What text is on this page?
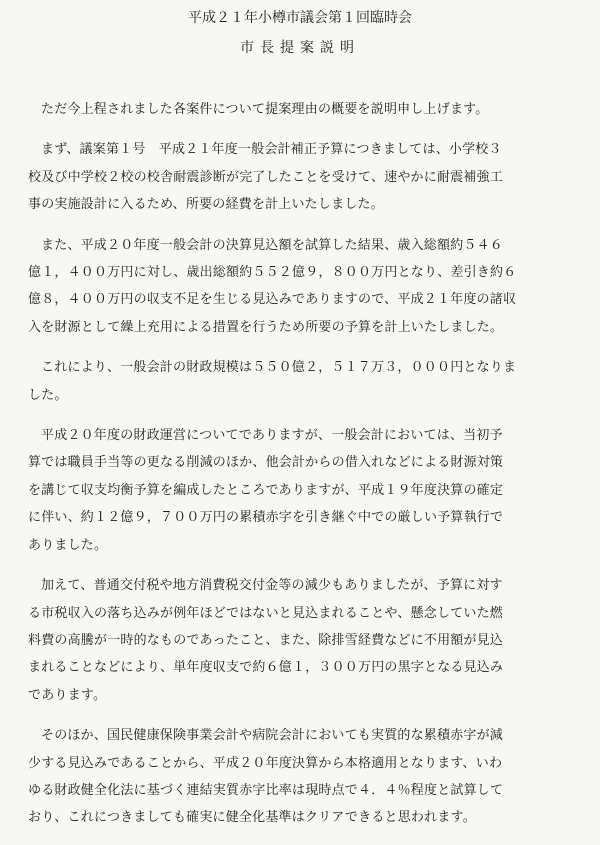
平成２１年小樽市議会第１回臨時会
市長提案説明

ただ今上程されました各案件について提案理由の概要を説明申し上げます。

まず、議案第１号　平成２１年度一般会計補正予算につきましては、小学校３
校及び中学校２校の校舎耐震診断が完了したことを受けて、速やかに耐震補強工
事の実施設計に入るため、所要の経費を計上いたしました。

また、平成２０年度一般会計の決算見込額を試算した結果、歳入総額約５４６
億１，４００万円に対し、歳出総額約５５２億９，８００万円となり、差引き約６
億８，４００万円の収支不足を生じる見込みでありますので、平成２１年度の諸収
入を財源として繰上充用による措置を行うため所要の予算を計上いたしました。

これにより、一般会計の財政規模は５５０億２，５１７万３，０００円となりま
した。

平成２０年度の財政運営についてでありますが、一般会計においては、当初予
算では職員手当等の更なる削減のほか、他会計からの借入れなどによる財源対策
を講じて収支均衡予算を編成したところでありますが、平成１９年度決算の確定
に伴い、約１２億９，７００万円の累積赤字を引き継ぐ中での厳しい予算執行で
ありました。

加えて、普通交付税や地方消費税交付金等の減少もありましたが、予算に対す
る市税収入の落ち込みが例年ほどではないと見込まれることや、懸念していた燃
料費の高騰が一時的なものであったこと、また、除排雪経費などに不用額が見込
まれることなどにより、単年度収支で約６億１，３００万円の黒字となる見込み
であります。

そのほか、国民健康保険事業会計や病院会計においても実質的な累積赤字が減
少する見込みであることから、平成２０年度決算から本格適用となります、いわ
ゆる財政健全化法に基づく連結実質赤字比率は現時点で４．４％程度と試算して
おり、これにつきましても確実に健全化基準はクリアできると思われます。
